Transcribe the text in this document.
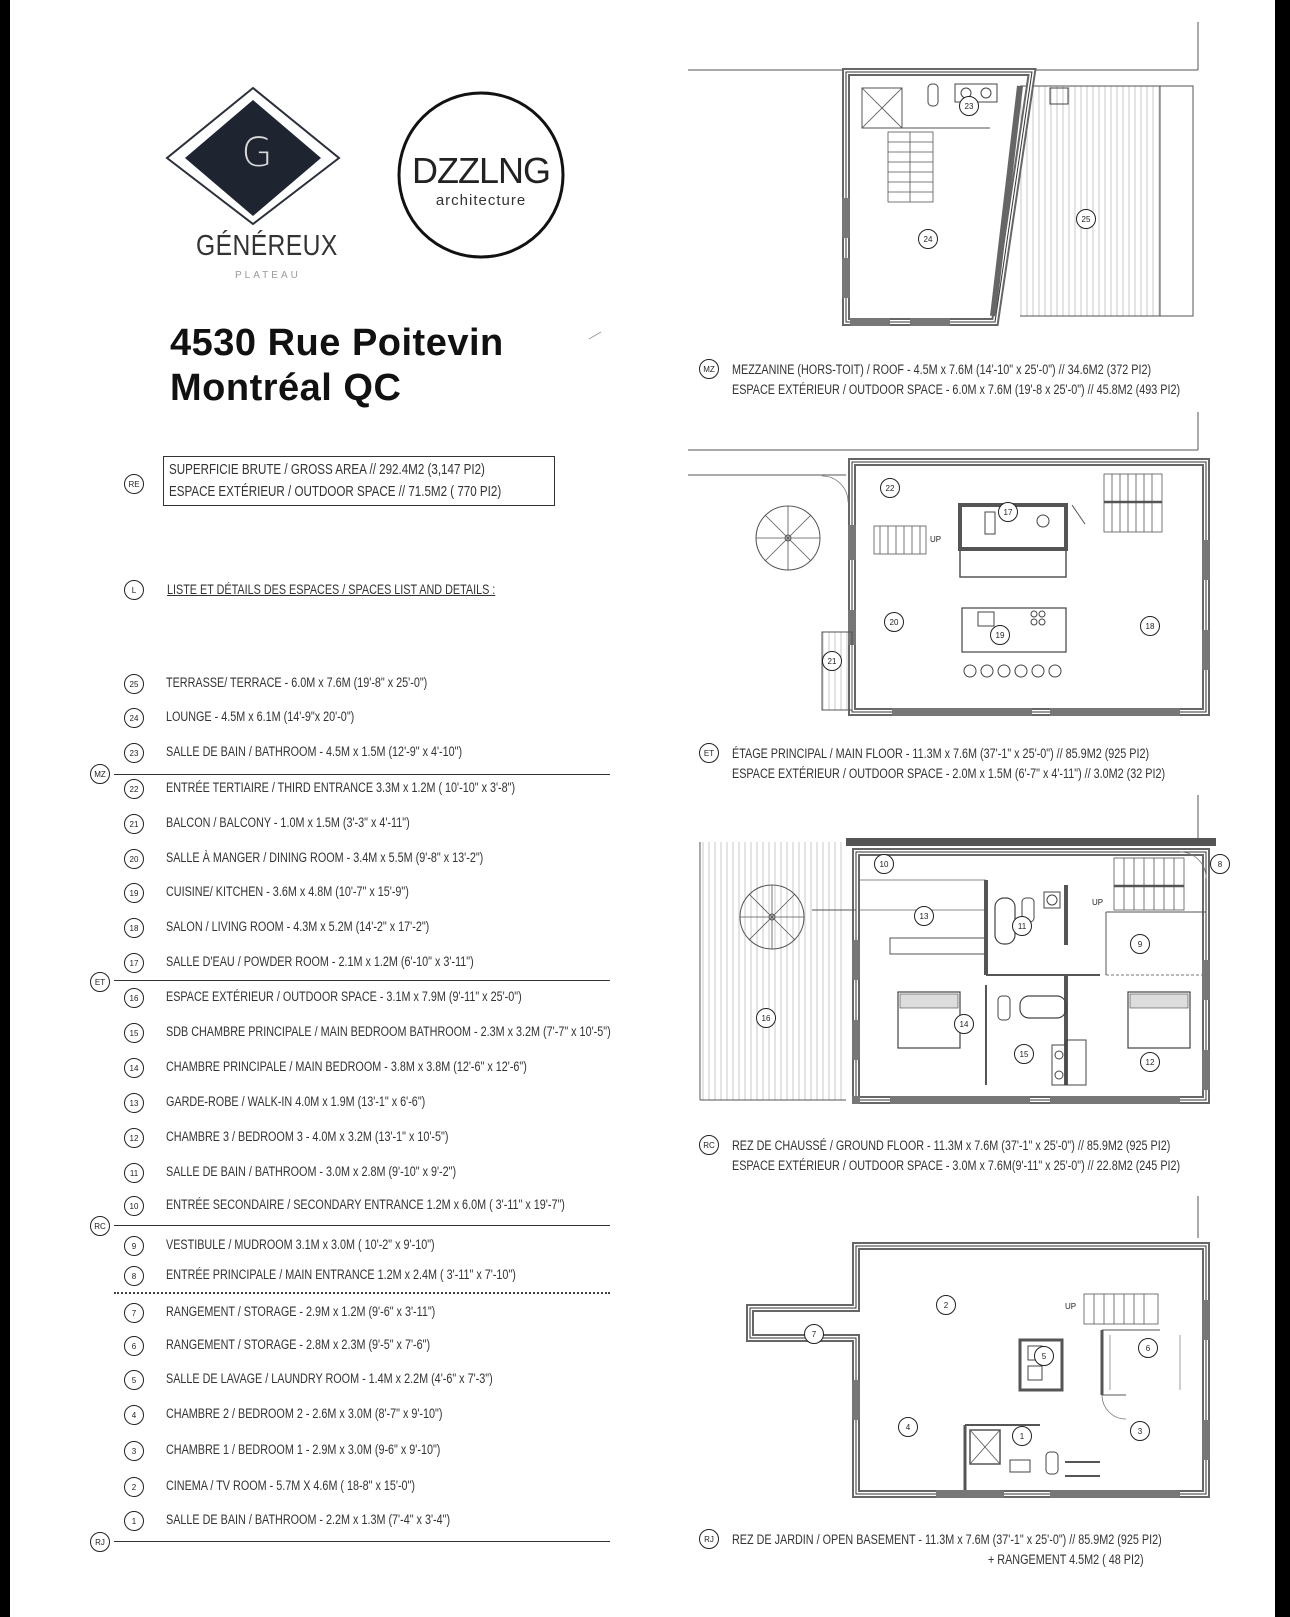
G
GÉNÉREUX
PLATEAU
DZZLNG
architecture
4530 Rue Poitevin
Montréal QC
RE
SUPERFICIE BRUTE / GROSS AREA // 292.4M2 (3,147 PI2)
ESPACE EXTÉRIEUR / OUTDOOR SPACE // 71.5M2 ( 770 PI2)
L	LISTE ET DÉTAILS DES ESPACES / SPACES LIST AND DETAILS :
25	TERRASSE/ TERRACE - 6.0M x 7.6M (19'-8" x 25'-0")
24	LOUNGE - 4.5M x 6.1M (14'-9"x 20'-0")
23	SALLE DE BAIN / BATHROOM - 4.5M x 1.5M (12'-9" x 4'-10")
22	ENTRÉE TERTIAIRE / THIRD ENTRANCE 3.3M x 1.2M ( 10'-10" x 3'-8")
21	BALCON / BALCONY - 1.0M x 1.5M (3'-3" x 4'-11")
20	SALLE À MANGER / DINING ROOM - 3.4M x 5.5M (9'-8" x 13'-2")
19	CUISINE/ KITCHEN - 3.6M x 4.8M (10'-7" x 15'-9")
18	SALON / LIVING ROOM - 4.3M x 5.2M (14'-2" x 17'-2")
17	SALLE D'EAU / POWDER ROOM - 2.1M x 1.2M (6'-10" x 3'-11")
16	ESPACE EXTÉRIEUR / OUTDOOR SPACE - 3.1M x 7.9M (9'-11" x 25'-0")
15	SDB CHAMBRE PRINCIPALE / MAIN BEDROOM BATHROOM - 2.3M x 3.2M (7'-7" x 10'-5")
14	CHAMBRE PRINCIPALE / MAIN BEDROOM - 3.8M x 3.8M (12'-6" x 12'-6")
13	GARDE-ROBE / WALK-IN 4.0M x 1.9M (13'-1" x 6'-6")
12	CHAMBRE 3 / BEDROOM 3 - 4.0M x 3.2M (13'-1" x 10'-5")
11	SALLE DE BAIN / BATHROOM - 3.0M x 2.8M (9'-10" x 9'-2")
10	ENTRÉE SECONDAIRE / SECONDARY ENTRANCE 1.2M x 6.0M ( 3'-11" x 19'-7")
9	VESTIBULE / MUDROOM 3.1M x 3.0M ( 10'-2" x 9'-10")
8	ENTRÉE PRINCIPALE / MAIN ENTRANCE 1.2M x 2.4M ( 3'-11" x 7'-10")
7	RANGEMENT / STORAGE - 2.9M x 1.2M (9'-6" x 3'-11")
6	RANGEMENT / STORAGE - 2.8M x 2.3M (9'-5" x 7'-6")
5	SALLE DE LAVAGE / LAUNDRY ROOM - 1.4M x 2.2M (4'-6" x 7'-3")
4	CHAMBRE 2 / BEDROOM 2 - 2.6M x 3.0M (8'-7" x 9'-10")
3	CHAMBRE 1 / BEDROOM 1 - 2.9M x 3.0M (9-6" x 9'-10")
2	CINEMA / TV ROOM - 5.7M X 4.6M ( 18-8" x 15'-0")
1	SALLE DE BAIN / BATHROOM - 2.2M x 1.3M (7'-4" x 3'-4")
MZ
ET
RC
RJ
23
24
25
22
17
20
19
18
21
10	8
13
11
9
16
14
15
12
2
7
6
5
4
1
3
UP
UP
UP
MZ	MEZZANINE (HORS-TOIT) / ROOF - 4.5M x 7.6M (14'-10" x 25'-0") // 34.6M2 (372 PI2)
ESPACE EXTÉRIEUR / OUTDOOR SPACE - 6.0M x 7.6M (19'-8 x 25'-0") // 45.8M2 (493 PI2)
ET	ÉTAGE PRINCIPAL / MAIN FLOOR - 11.3M x 7.6M (37'-1" x 25'-0") // 85.9M2 (925 PI2)
ESPACE EXTÉRIEUR / OUTDOOR SPACE - 2.0M x 1.5M (6'-7" x 4'-11") // 3.0M2 (32 PI2)
RC	REZ DE CHAUSSÉ / GROUND FLOOR - 11.3M x 7.6M (37'-1" x 25'-0") // 85.9M2 (925 PI2)
ESPACE EXTÉRIEUR / OUTDOOR SPACE - 3.0M x 7.6M(9'-11" x 25'-0") // 22.8M2 (245 PI2)
RJ	REZ DE JARDIN / OPEN BASEMENT - 11.3M x 7.6M (37'-1" x 25'-0") // 85.9M2 (925 PI2)
+ RANGEMENT 4.5M2 ( 48 PI2)
